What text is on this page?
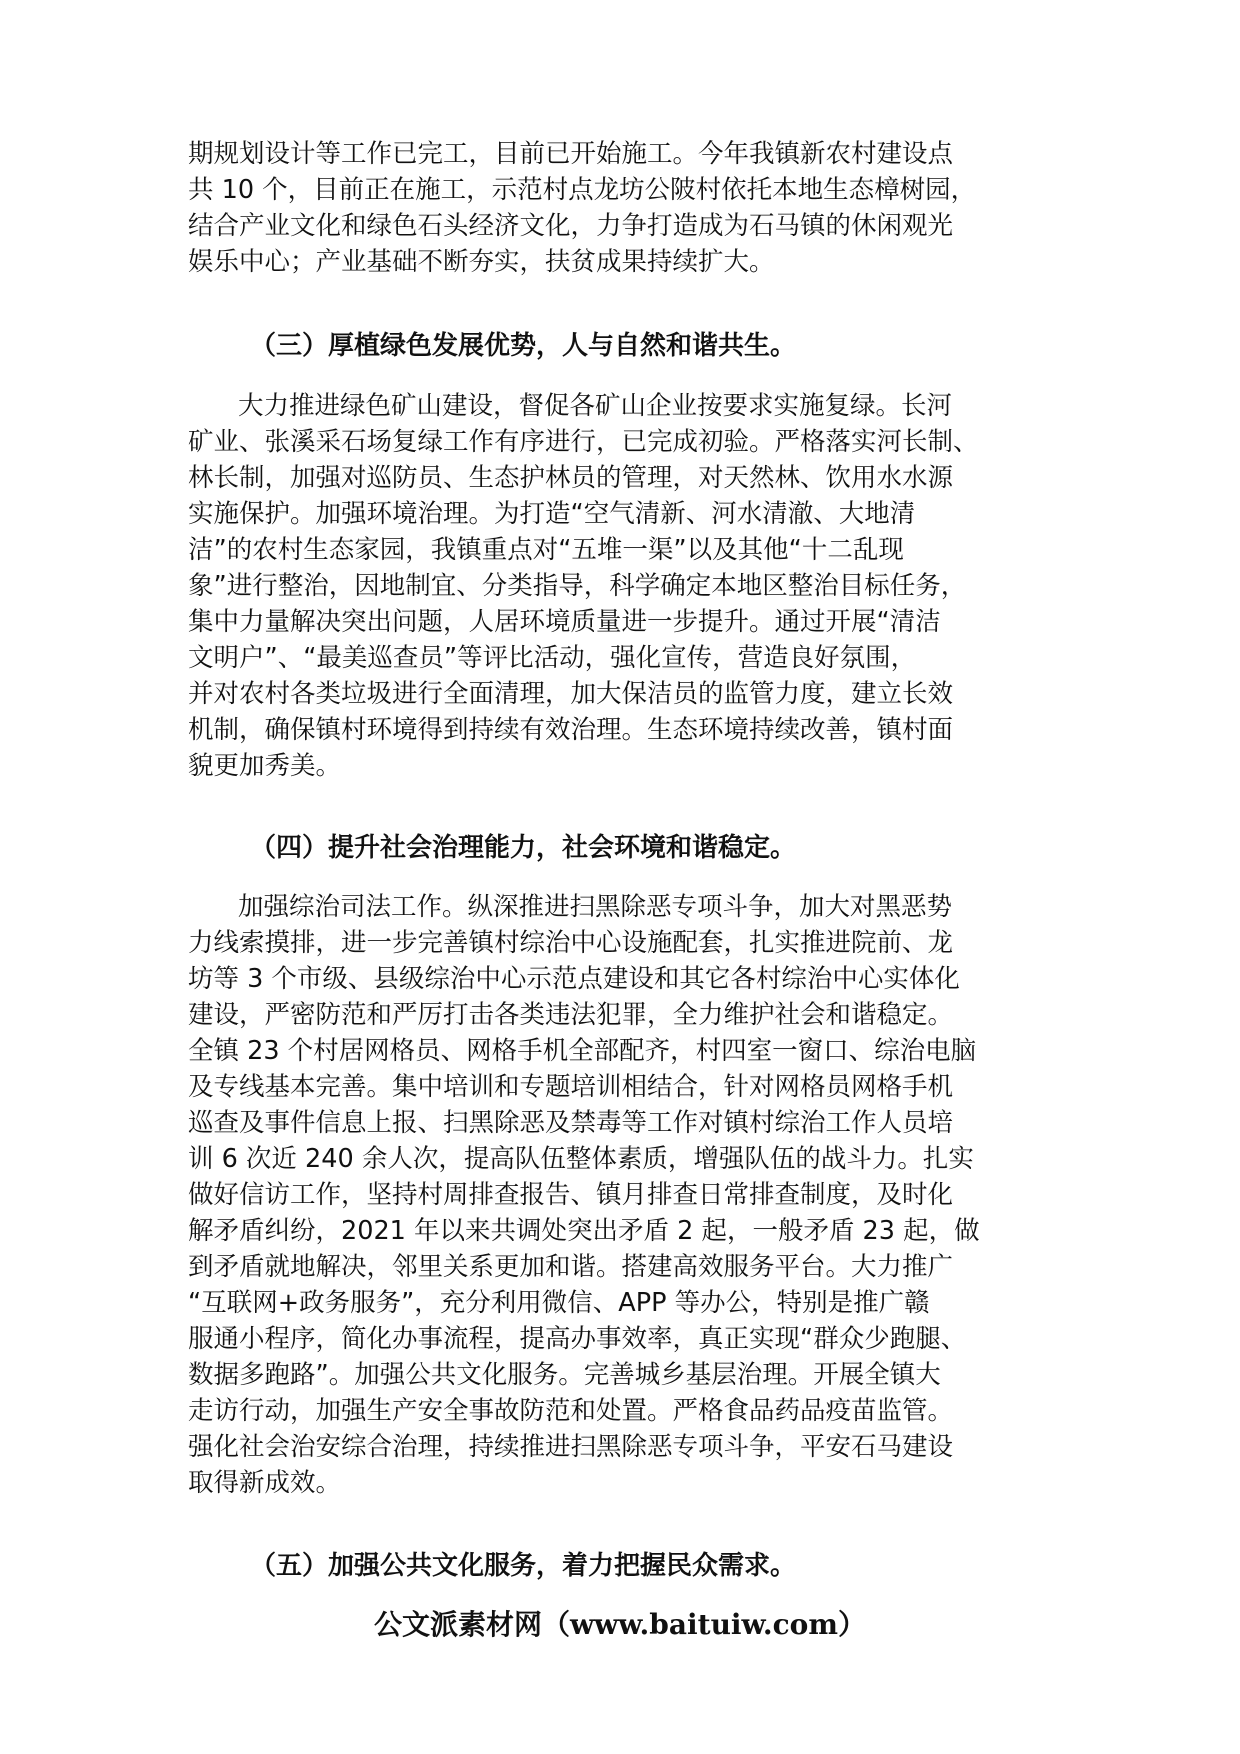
期规划设计等工作已完工，目前已开始施工。今年我镇新农村建设点
共 10 个，目前正在施工，示范村点龙坊公陂村依托本地生态樟树园，
结合产业文化和绿色石头经济文化，力争打造成为石马镇的休闲观光
娱乐中心；产业基础不断夯实，扶贫成果持续扩大。
（三）厚植绿色发展优势，人与自然和谐共生。
大力推进绿色矿山建设，督促各矿山企业按要求实施复绿。长河
矿业、张溪采石场复绿工作有序进行，已完成初验。严格落实河长制、
林长制，加强对巡防员、生态护林员的管理，对天然林、饮用水水源
实施保护。加强环境治理。为打造“空气清新、河水清澈、大地清
洁”的农村生态家园，我镇重点对“五堆一渠”以及其他“十二乱现
象”进行整治，因地制宜、分类指导，科学确定本地区整治目标任务，
集中力量解决突出问题，人居环境质量进一步提升。通过开展“清洁
文明户”、“最美巡查员”等评比活动，强化宣传，营造良好氛围，
并对农村各类垃圾进行全面清理，加大保洁员的监管力度，建立长效
机制，确保镇村环境得到持续有效治理。生态环境持续改善，镇村面
貌更加秀美。
（四）提升社会治理能力，社会环境和谐稳定。
加强综治司法工作。纵深推进扫黑除恶专项斗争，加大对黑恶势
力线索摸排，进一步完善镇村综治中心设施配套，扎实推进院前、龙
坊等 3 个市级、县级综治中心示范点建设和其它各村综治中心实体化
建设，严密防范和严厉打击各类违法犯罪，全力维护社会和谐稳定。
全镇 23 个村居网格员、网格手机全部配齐，村四室一窗口、综治电脑
及专线基本完善。集中培训和专题培训相结合，针对网格员网格手机
巡查及事件信息上报、扫黑除恶及禁毒等工作对镇村综治工作人员培
训 6 次近 240 余人次，提高队伍整体素质，增强队伍的战斗力。扎实
做好信访工作，坚持村周排查报告、镇月排查日常排查制度，及时化
解矛盾纠纷，2021 年以来共调处突出矛盾 2 起，一般矛盾 23 起，做
到矛盾就地解决，邻里关系更加和谐。搭建高效服务平台。大力推广
“互联网+政务服务”，充分利用微信、APP 等办公，特别是推广赣
服通小程序，简化办事流程，提高办事效率，真正实现“群众少跑腿、
数据多跑路”。加强公共文化服务。完善城乡基层治理。开展全镇大
走访行动，加强生产安全事故防范和处置。严格食品药品疫苗监管。
强化社会治安综合治理，持续推进扫黑除恶专项斗争，平安石马建设
取得新成效。
（五）加强公共文化服务，着力把握民众需求。
公文派素材网（www.baituiw.com）
